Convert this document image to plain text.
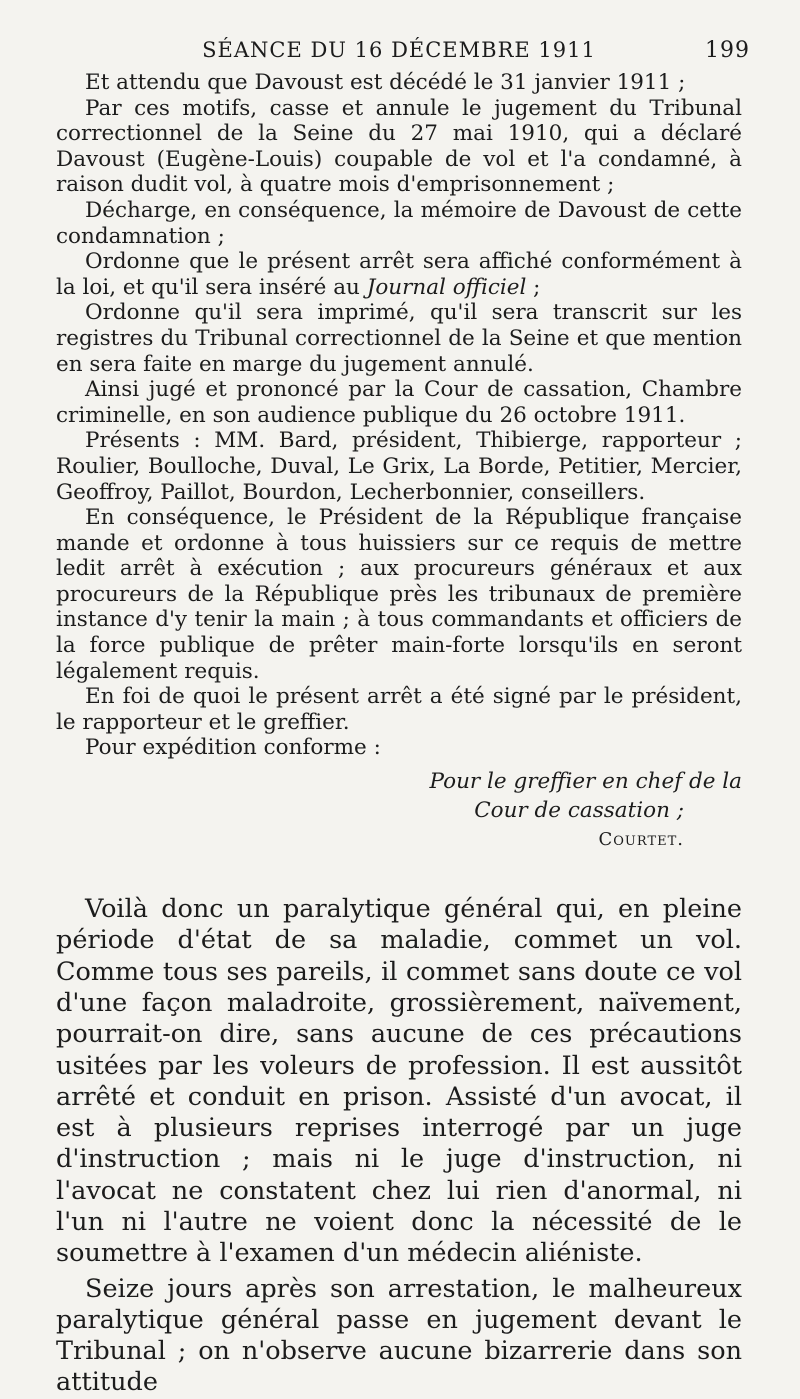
SÉANCE DU 16 DÉCEMBRE 1911	199

Et attendu que Davoust est décédé le 31 janvier 1911 ;

Par ces motifs, casse et annule le jugement du Tribunal correctionnel de la Seine du 27 mai 1910, qui a déclaré Davoust (Eugène-Louis) coupable de vol et l'a condamné, à raison dudit vol, à quatre mois d'emprisonnement ;

Décharge, en conséquence, la mémoire de Davoust de cette condamnation ;

Ordonne que le présent arrêt sera affiché conformément à la loi, et qu'il sera inséré au Journal officiel ;

Ordonne qu'il sera imprimé, qu'il sera transcrit sur les registres du Tribunal correctionnel de la Seine et que mention en sera faite en marge du jugement annulé.

Ainsi jugé et prononcé par la Cour de cassation, Chambre criminelle, en son audience publique du 26 octobre 1911.

Présents : MM. Bard, président, Thibierge, rapporteur ; Roulier, Boulloche, Duval, Le Grix, La Borde, Petitier, Mercier, Geoffroy, Paillot, Bourdon, Lecherbonnier, conseillers.

En conséquence, le Président de la République française mande et ordonne à tous huissiers sur ce requis de mettre ledit arrêt à exécution ; aux procureurs généraux et aux procureurs de la République près les tribunaux de première instance d'y tenir la main ; à tous commandants et officiers de la force publique de prêter main-forte lorsqu'ils en seront légalement requis.

En foi de quoi le présent arrêt a été signé par le président, le rapporteur et le greffier.

Pour expédition conforme :

Pour le greffier en chef de la
Cour de cassation ;
Courtet.

Voilà donc un paralytique général qui, en pleine période d'état de sa maladie, commet un vol. Comme tous ses pareils, il commet sans doute ce vol d'une façon maladroite, grossièrement, naïvement, pourrait-on dire, sans aucune de ces précautions usitées par les voleurs de profession. Il est aussitôt arrêté et conduit en prison. Assisté d'un avocat, il est à plusieurs reprises interrogé par un juge d'instruction ; mais ni le juge d'instruction, ni l'avocat ne constatent chez lui rien d'anormal, ni l'un ni l'autre ne voient donc la nécessité de le soumettre à l'examen d'un médecin aliéniste.

Seize jours après son arrestation, le malheureux paralytique général passe en jugement devant le Tribunal ; on n'observe aucune bizarrerie dans son attitude
